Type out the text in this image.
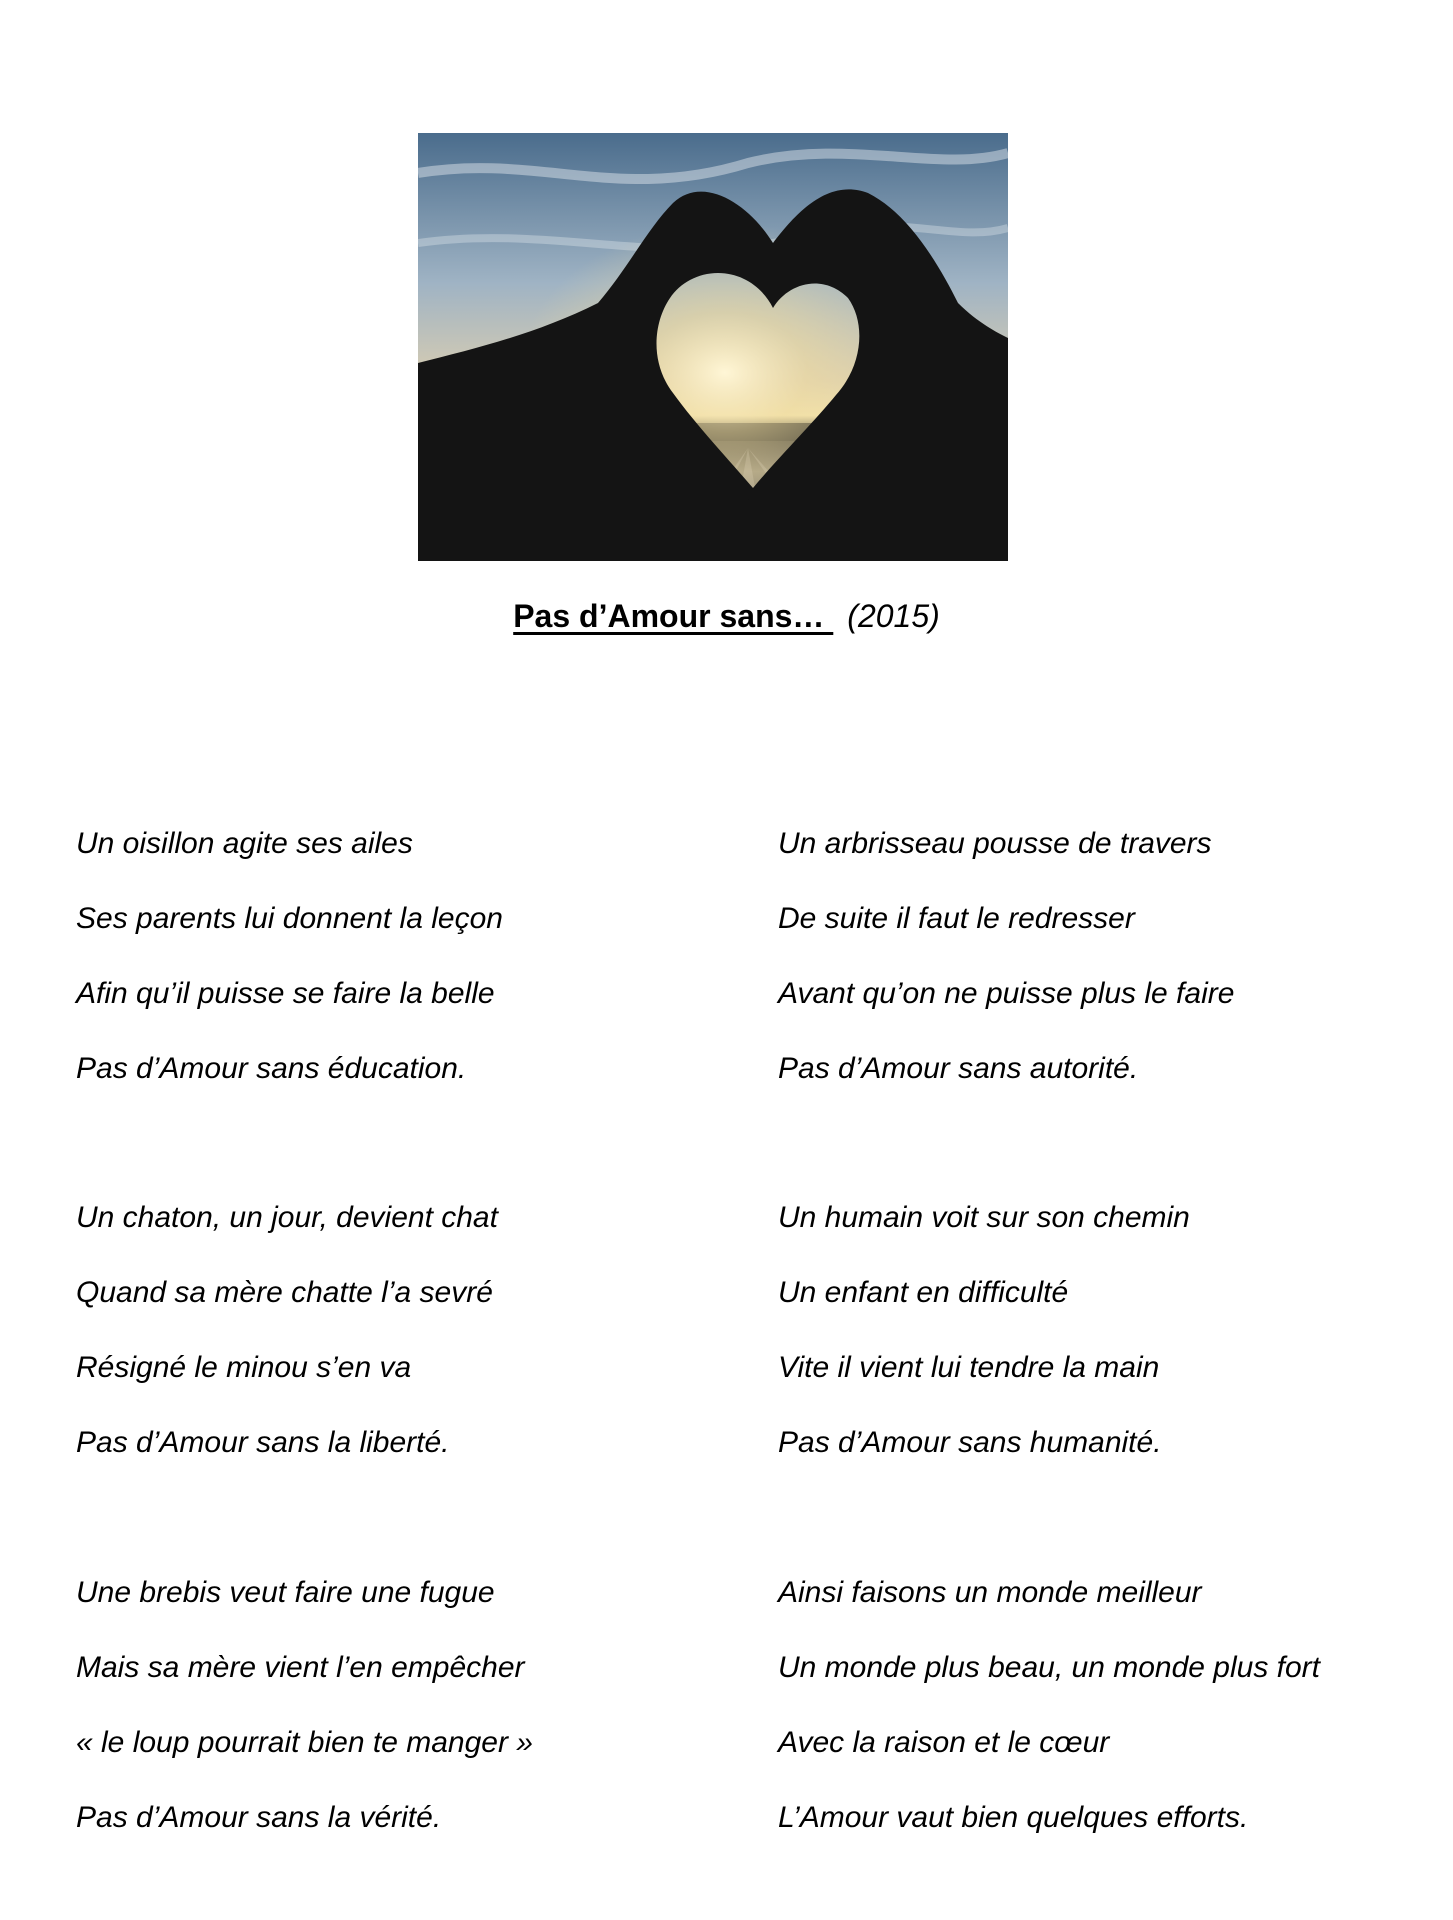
Pas d’Amour sans… (2015)
Un oisillon agite ses ailes
Ses parents lui donnent la leçon
Afin qu’il puisse se faire la belle
Pas d’Amour sans éducation.
Un arbrisseau pousse de travers
De suite il faut le redresser
Avant qu’on ne puisse plus le faire
Pas d’Amour sans autorité.
Un chaton, un jour, devient chat
Quand sa mère chatte l’a sevré
Résigné le minou s’en va
Pas d’Amour sans la liberté.
Un humain voit sur son chemin
Un enfant en difficulté
Vite il vient lui tendre la main
Pas d’Amour sans humanité.
Une brebis veut faire une fugue
Mais sa mère vient l’en empêcher
« le loup pourrait bien te manger »
Pas d’Amour sans la vérité.
Ainsi faisons un monde meilleur
Un monde plus beau, un monde plus fort
Avec la raison et le cœur
L’Amour vaut bien quelques efforts.
